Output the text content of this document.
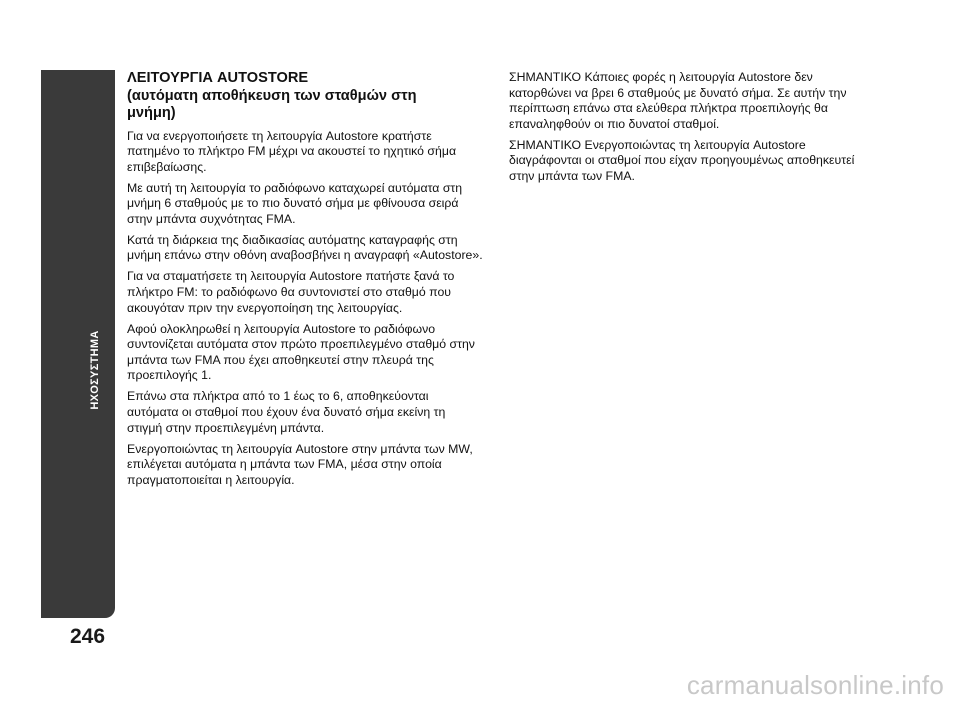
ΗΧΟΣΥΣΤΗΜΑ
246
ΛΕΙΤΟΥΡΓΙΑ AUTOSTORE
(αυτόματη αποθήκευση των σταθμών στη
μνήμη)

Για να ενεργοποιήσετε τη λειτουργία Autostore κρατήστε πατημένο το πλήκτρο FM μέχρι να ακουστεί το ηχητικό σήμα επιβεβαίωσης.

Με αυτή τη λειτουργία το ραδιόφωνο καταχωρεί αυτόματα στη μνήμη 6 σταθμούς με το πιο δυνατό σήμα με φθίνουσα σειρά στην μπάντα συχνότητας FMA.

Κατά τη διάρκεια της διαδικασίας αυτόματης καταγραφής στη μνήμη επάνω στην οθόνη αναβοσβήνει η αναγραφή «Autostore».

Για να σταματήσετε τη λειτουργία Autostore πατήστε ξανά το πλήκτρο FM: το ραδιόφωνο θα συντονιστεί στο σταθμό που ακουγόταν πριν την ενεργοποίηση της λειτουργίας.

Αφού ολοκληρωθεί η λειτουργία Autostore το ραδιόφωνο συντονίζεται αυτόματα στον πρώτο προεπιλεγμένο σταθμό στην μπάντα των FMA που έχει αποθηκευτεί στην πλευρά της προεπιλογής 1.

Επάνω στα πλήκτρα από το 1 έως το 6, αποθηκεύονται αυτόματα οι σταθμοί που έχουν ένα δυνατό σήμα εκείνη τη στιγμή στην προεπιλεγμένη μπάντα.

Ενεργοποιώντας τη λειτουργία Autostore στην μπάντα των MW, επιλέγεται αυτόματα η μπάντα των FMA, μέσα στην οποία πραγματοποιείται η λειτουργία.

ΣΗΜΑΝΤΙΚΟ Κάποιες φορές η λειτουργία Autostore δεν κατορθώνει να βρει 6 σταθμούς με δυνατό σήμα. Σε αυτήν την περίπτωση επάνω στα ελεύθερα πλήκτρα προεπιλογής θα επαναληφθούν οι πιο δυνατοί σταθμοί.

ΣΗΜΑΝΤΙΚΟ Ενεργοποιώντας τη λειτουργία Autostore διαγράφονται οι σταθμοί που είχαν προηγουμένως αποθηκευτεί στην μπάντα των FMA.

carmanualsonline.info
